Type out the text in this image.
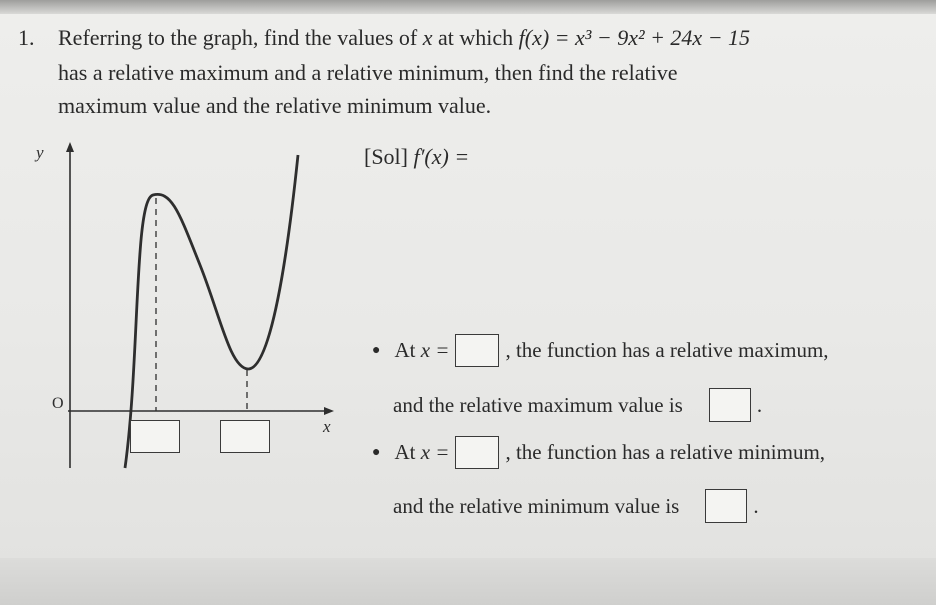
1. Referring to the graph, find the values of x at which f(x) = x³ − 9x² + 24x − 15
has a relative maximum and a relative minimum, then find the relative
maximum value and the relative minimum value.
[Sol] f′(x) =
● At
x =	, the function has a relative maximum,
and the relative maximum value is	.
● At
x =	, the function has a relative minimum,
and the relative minimum value is	.
y
x
O
